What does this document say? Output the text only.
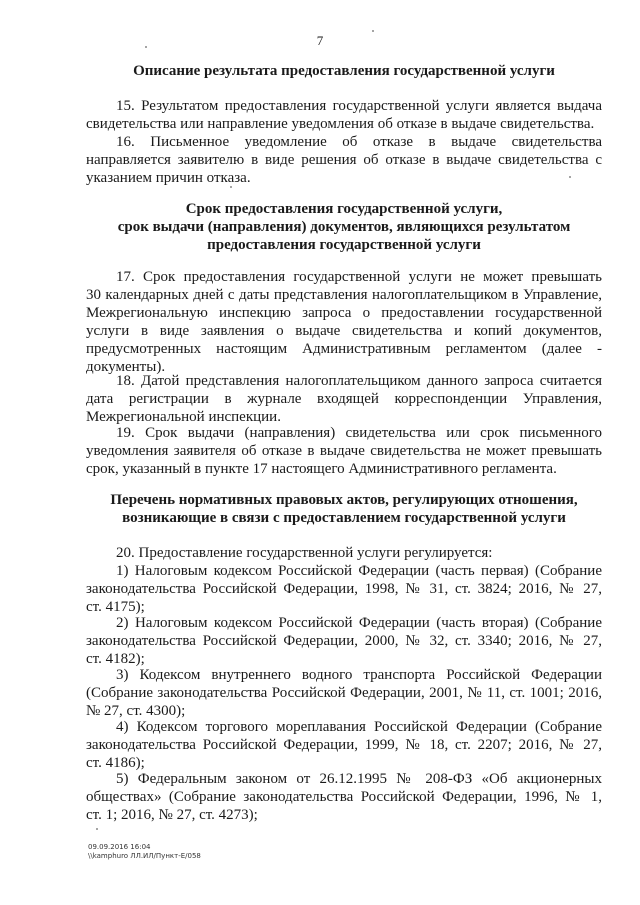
7
Описание результата предоставления государственной услуги
15. Результатом предоставления государственной услуги является выдача
свидетельства или направление уведомления об отказе в выдаче свидетельства.
16. Письменное уведомление об отказе в выдаче свидетельства
направляется заявителю в виде решения об отказе в выдаче свидетельства с
указанием причин отказа.
Срок предоставления государственной услуги,
срок выдачи (направления) документов, являющихся результатом
предоставления государственной услуги
17. Срок предоставления государственной услуги не может превышать
30 календарных дней с даты представления налогоплательщиком в Управление,
Межрегиональную инспекцию запроса о предоставлении государственной
услуги в виде заявления о выдаче свидетельства и копий документов,
предусмотренных настоящим Административным регламентом (далее -
документы).
18. Датой представления налогоплательщиком данного запроса считается
дата регистрации в журнале входящей корреспонденции Управления,
Межрегиональной инспекции.
19. Срок выдачи (направления) свидетельства или срок письменного
уведомления заявителя об отказе в выдаче свидетельства не может превышать
срок, указанный в пункте 17 настоящего Административного регламента.
Перечень нормативных правовых актов, регулирующих отношения,
возникающие в связи с предоставлением государственной услуги
20. Предоставление государственной услуги регулируется:
1) Налоговым кодексом Российской Федерации (часть первая) (Собрание
законодательства Российской Федерации, 1998, № 31, ст. 3824; 2016, № 27,
ст. 4175);
2) Налоговым кодексом Российской Федерации (часть вторая) (Собрание
законодательства Российской Федерации, 2000, № 32, ст. 3340; 2016, № 27,
ст. 4182);
3) Кодексом внутреннего водного транспорта Российской Федерации
(Собрание законодательства Российской Федерации, 2001, № 11, ст. 1001; 2016,
№ 27, ст. 4300);
4) Кодексом торгового мореплавания Российской Федерации (Собрание
законодательства Российской Федерации, 1999, № 18, ст. 2207; 2016, № 27,
ст. 4186);
5) Федеральным законом от 26.12.1995 № 208-ФЗ «Об акционерных
обществах» (Собрание законодательства Российской Федерации, 1996, № 1,
ст. 1; 2016, № 27, ст. 4273);
09.09.2016 16:04
\\kamphuro ЛЛ.ИЛ/Пункт-Е/058
